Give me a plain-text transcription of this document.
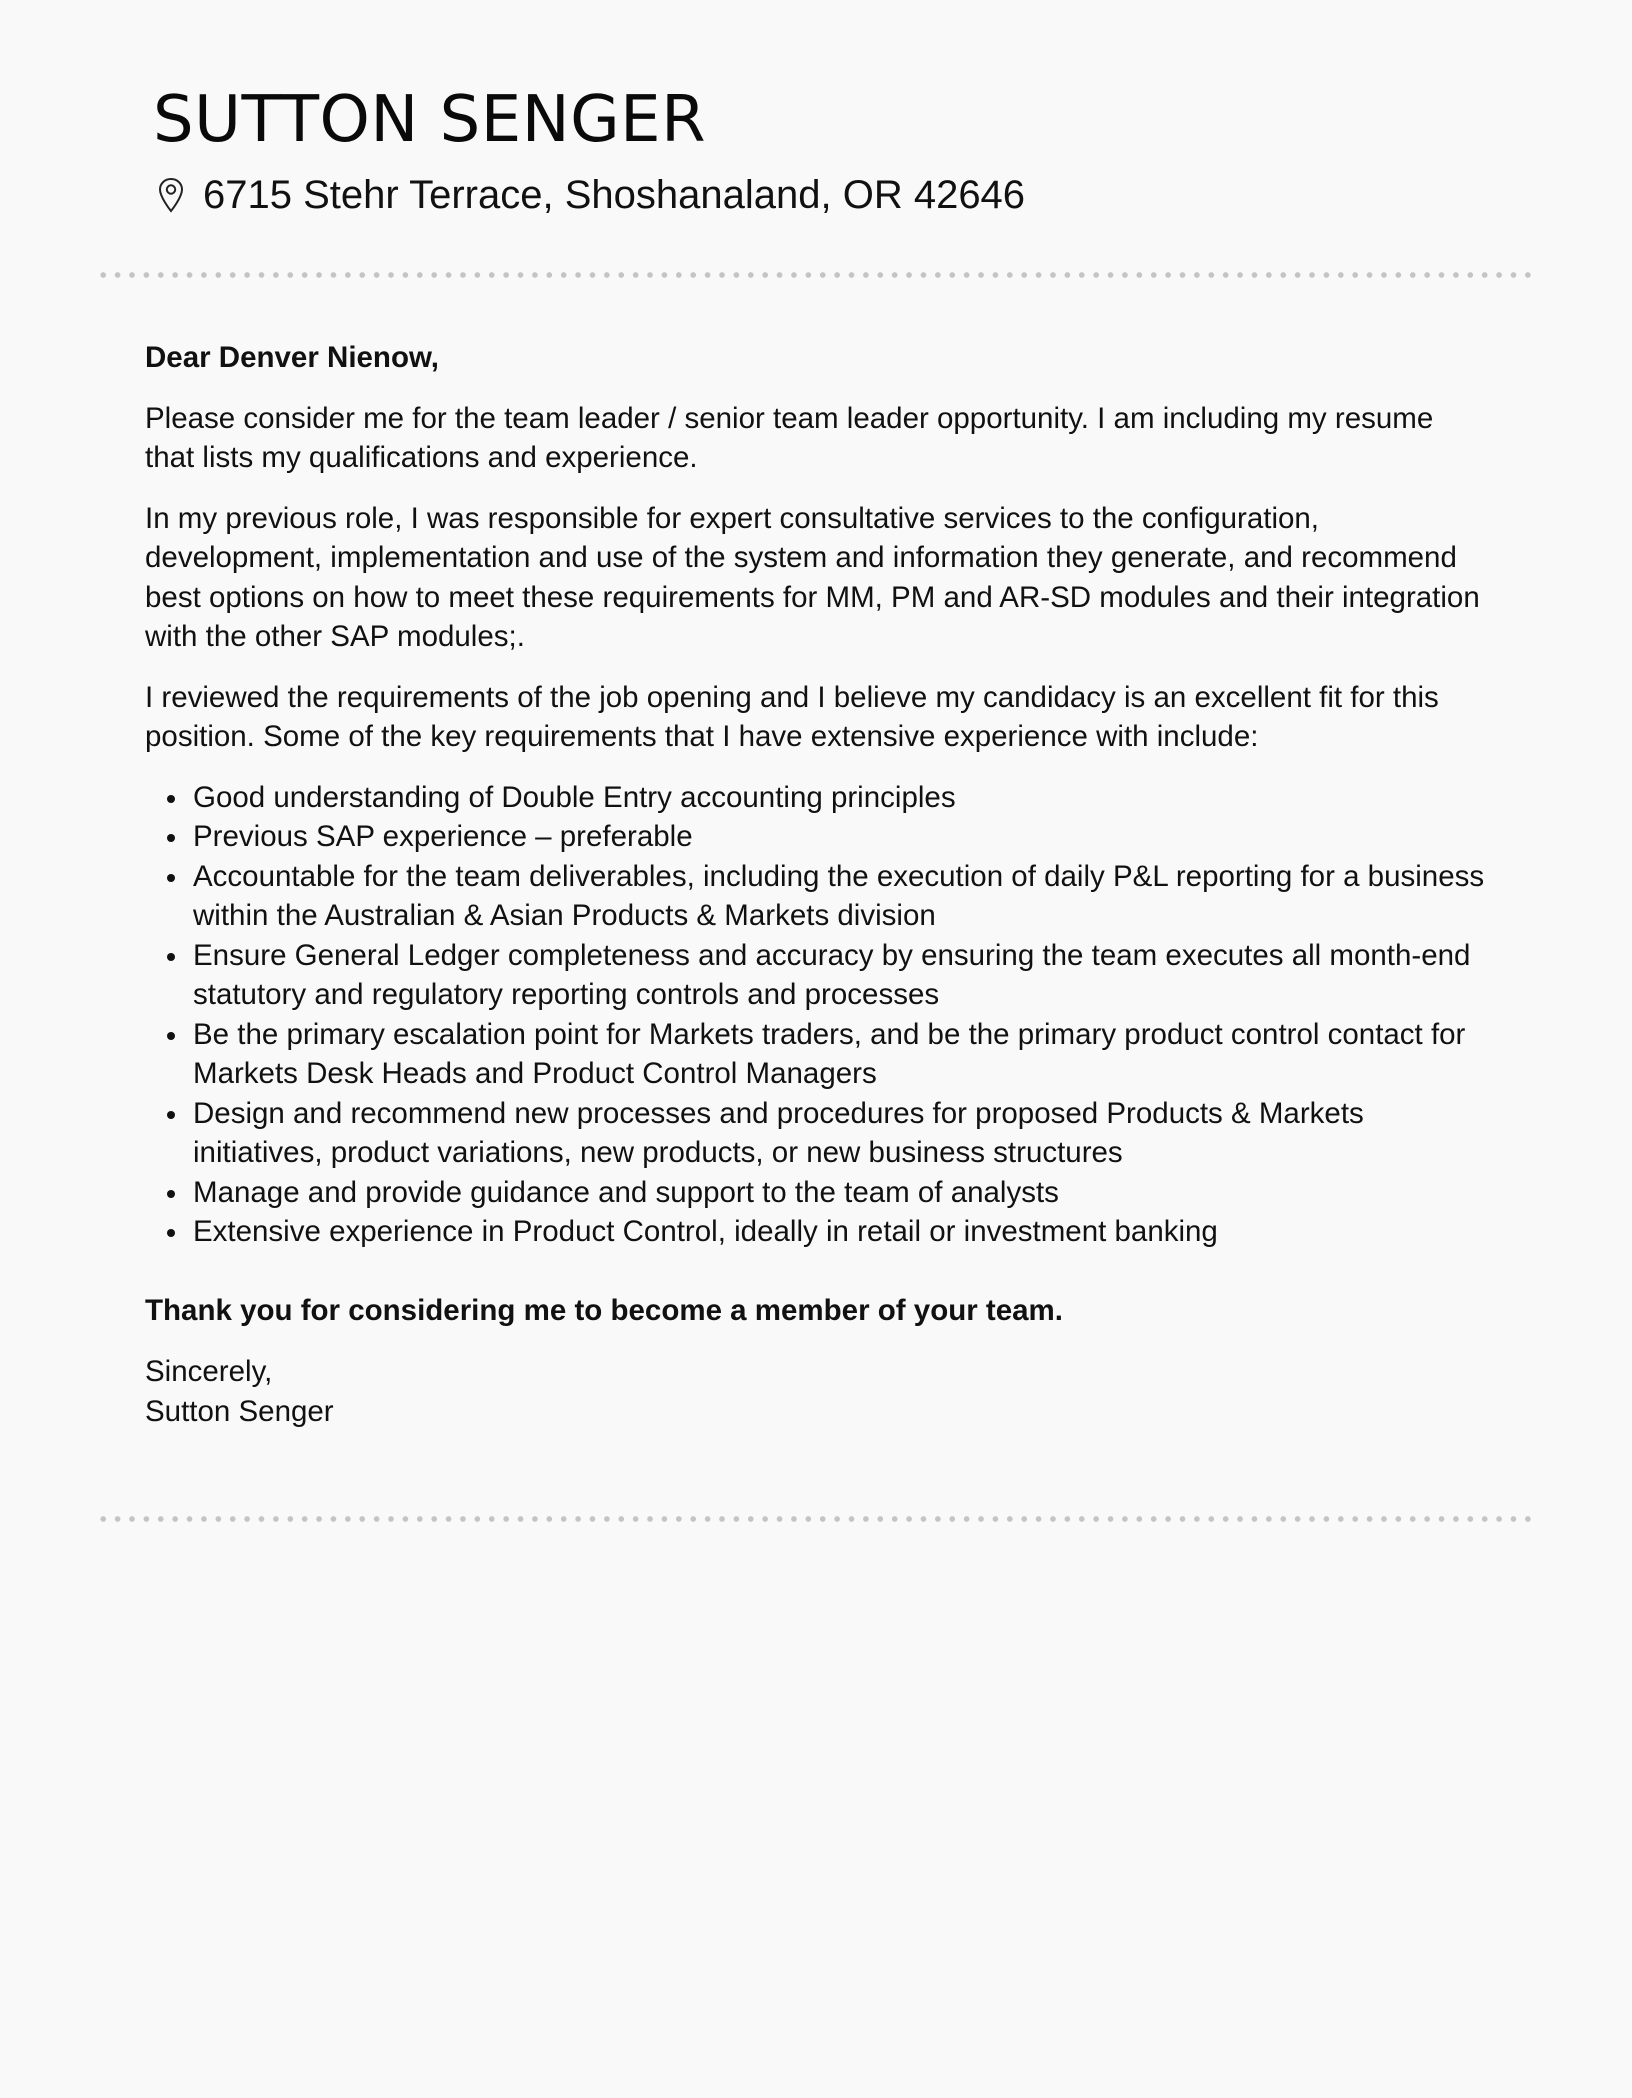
SUTTON SENGER
6715 Stehr Terrace, Shoshanaland, OR 42646

Dear Denver Nienow,

Please consider me for the team leader / senior team leader opportunity. I am including my resume that lists my qualifications and experience.

In my previous role, I was responsible for expert consultative services to the configuration, development, implementation and use of the system and information they generate, and recommend best options on how to meet these requirements for MM, PM and AR-SD modules and their integration with the other SAP modules;.

I reviewed the requirements of the job opening and I believe my candidacy is an excellent fit for this position. Some of the key requirements that I have extensive experience with include:

Good understanding of Double Entry accounting principles
Previous SAP experience – preferable
Accountable for the team deliverables, including the execution of daily P&L reporting for a business within the Australian & Asian Products & Markets division
Ensure General Ledger completeness and accuracy by ensuring the team executes all month-end statutory and regulatory reporting controls and processes
Be the primary escalation point for Markets traders, and be the primary product control contact for Markets Desk Heads and Product Control Managers
Design and recommend new processes and procedures for proposed Products & Markets initiatives, product variations, new products, or new business structures
Manage and provide guidance and support to the team of analysts
Extensive experience in Product Control, ideally in retail or investment banking

Thank you for considering me to become a member of your team.

Sincerely,
Sutton Senger
